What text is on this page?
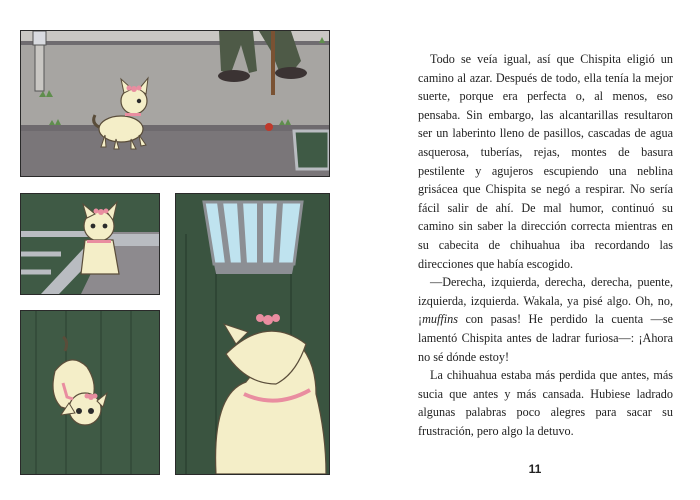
Todo se veía igual, así que Chispita eligió un camino al azar. Después de todo, ella tenía la mejor suerte, porque era perfecta o, al menos, eso pensaba. Sin embargo, las alcantarillas resultaron ser un laberinto lleno de pasillos, cascadas de agua asquerosa, tuberías, rejas, montes de basura pestilente y agujeros escupiendo una neblina grisácea que Chispita se negó a respirar. No sería fácil salir de ahí. De mal humor, continuó su camino sin saber la dirección correcta mientras en su cabecita de chihuahua iba recordando las direcciones que había escogido.

—Derecha, izquierda, derecha, derecha, puente, izquierda, izquierda. Wakala, ya pisé algo. Oh, no, ¡muffins con pasas! He perdido la cuenta —se lamentó Chispita antes de ladrar furiosa—: ¡Ahora no sé dónde estoy!

La chihuahua estaba más perdida que antes, más sucia que antes y más cansada. Hubiese ladrado algunas palabras poco alegres para sacar su frustración, pero algo la detuvo.

11
